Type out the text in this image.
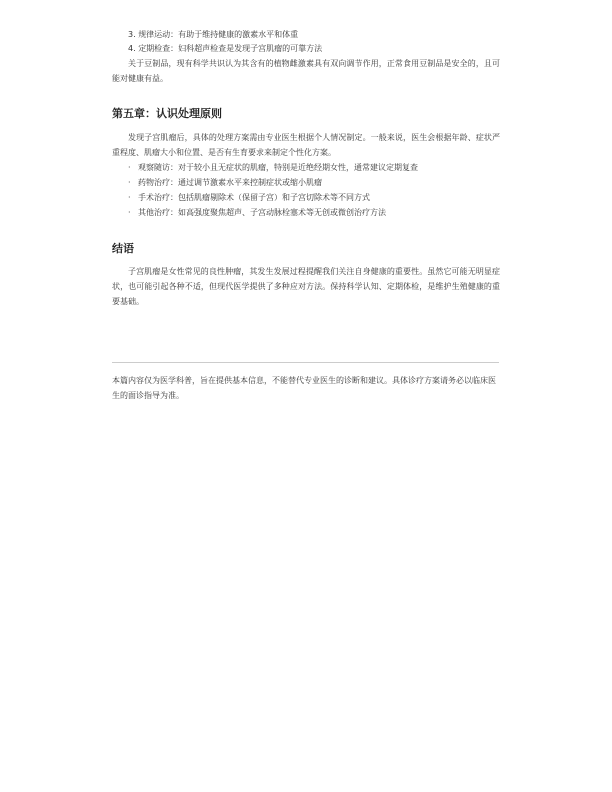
3. 规律运动：有助于维持健康的激素水平和体重
4. 定期检查：妇科超声检查是发现子宫肌瘤的可靠方法

关于豆制品，现有科学共识认为其含有的植物雌激素具有双向调节作用，正常食用豆制品是安全的，且可能对健康有益。

第五章：认识处理原则

发现子宫肌瘤后，具体的处理方案需由专业医生根据个人情况制定。一般来说，医生会根据年龄、症状严重程度、肌瘤大小和位置、是否有生育要求来制定个性化方案。

· 观察随访：对于较小且无症状的肌瘤，特别是近绝经期女性，通常建议定期复查
· 药物治疗：通过调节激素水平来控制症状或缩小肌瘤
· 手术治疗：包括肌瘤剔除术（保留子宫）和子宫切除术等不同方式
· 其他治疗：如高强度聚焦超声、子宫动脉栓塞术等无创或微创治疗方法
结语

子宫肌瘤是女性常见的良性肿瘤，其发生发展过程提醒我们关注自身健康的重要性。虽然它可能无明显症状，也可能引起各种不适，但现代医学提供了多种应对方法。保持科学认知、定期体检，是维护生殖健康的重要基础。

本篇内容仅为医学科普，旨在提供基本信息，不能替代专业医生的诊断和建议。具体诊疗方案请务必以临床医生的面诊指导为准。
